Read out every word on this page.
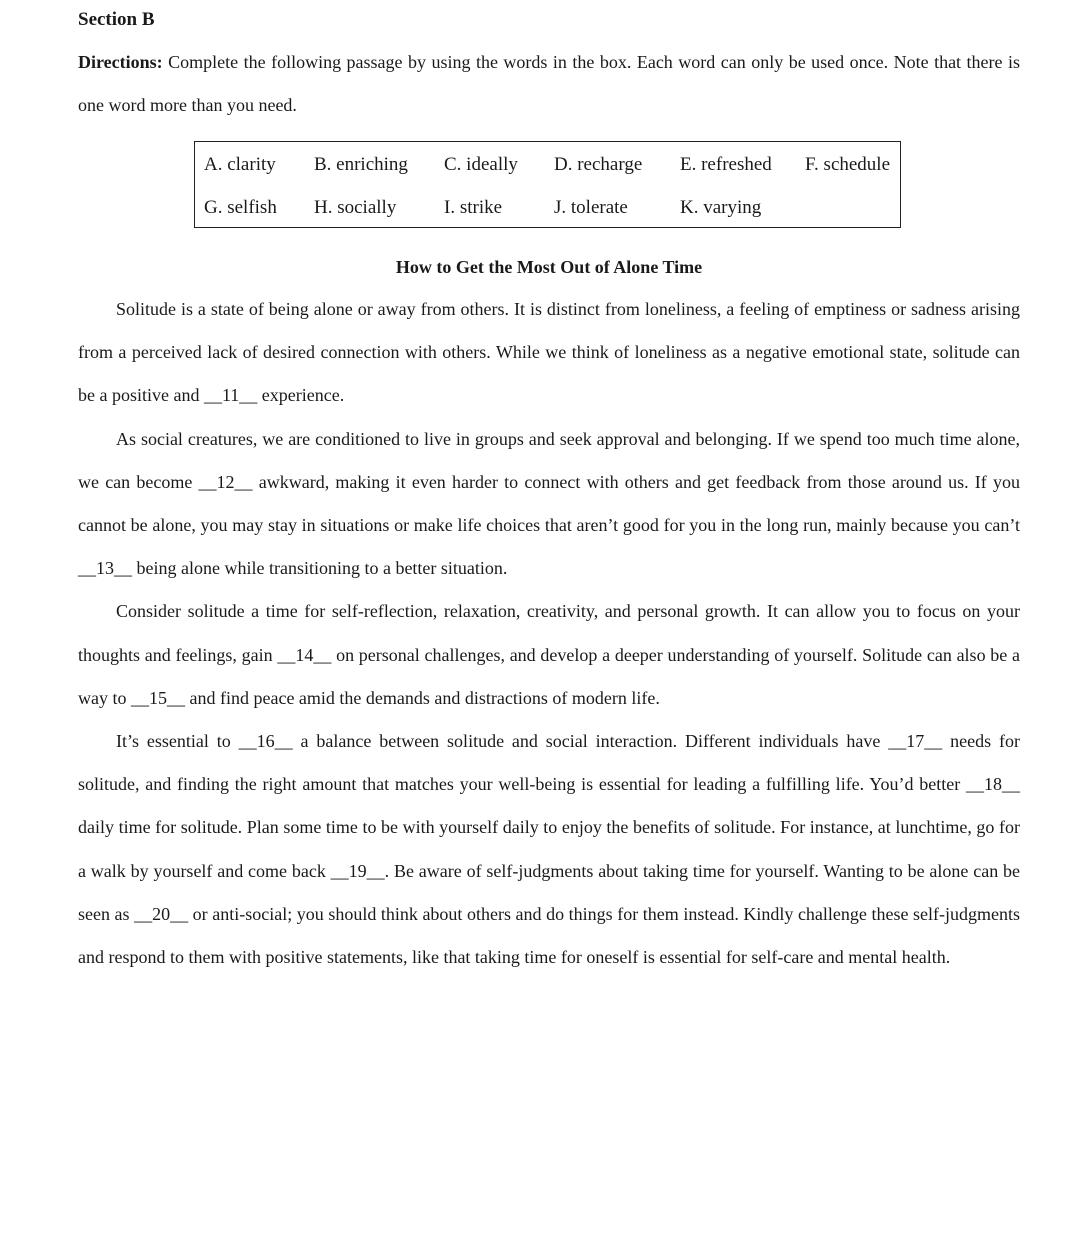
Section B
Directions: Complete the following passage by using the words in the box. Each word can only be used once. Note that there is one word more than you need.
A. clarity B. enriching C. ideally D. recharge E. refreshed F. schedule
G. selfish H. socially	I. strike	J. tolerate	K. varying
How to Get the Most Out of Alone Time

Solitude is a state of being alone or away from others. It is distinct from loneliness, a feeling of emptiness or sadness arising from a perceived lack of desired connection with others. While we think of loneliness as a negative emotional state, solitude can be a positive and __11__ experience.

As social creatures, we are conditioned to live in groups and seek approval and belonging. If we spend too much time alone, we can become __12__ awkward, making it even harder to connect with others and get feedback from those around us. If you cannot be alone, you may stay in situations or make life choices that aren’t good for you in the long run, mainly because you can’t __13__ being alone while transitioning to a better situation.

Consider solitude a time for self-reflection, relaxation, creativity, and personal growth. It can allow you to focus on your thoughts and feelings, gain __14__ on personal challenges, and develop a deeper understanding of yourself. Solitude can also be a way to __15__ and find peace amid the demands and distractions of modern life.

It’s essential to __16__ a balance between solitude and social interaction. Different individuals have __17__ needs for solitude, and finding the right amount that matches your well-being is essential for leading a fulfilling life. You’d better __18__ daily time for solitude. Plan some time to be with yourself daily to enjoy the benefits of solitude. For instance, at lunchtime, go for a walk by yourself and come back __19__. Be aware of self-judgments about taking time for yourself. Wanting to be alone can be seen as __20__ or anti-social; you should think about others and do things for them instead. Kindly challenge these self-judgments and respond to them with positive statements, like that taking time for oneself is essential for self-care and mental health.
